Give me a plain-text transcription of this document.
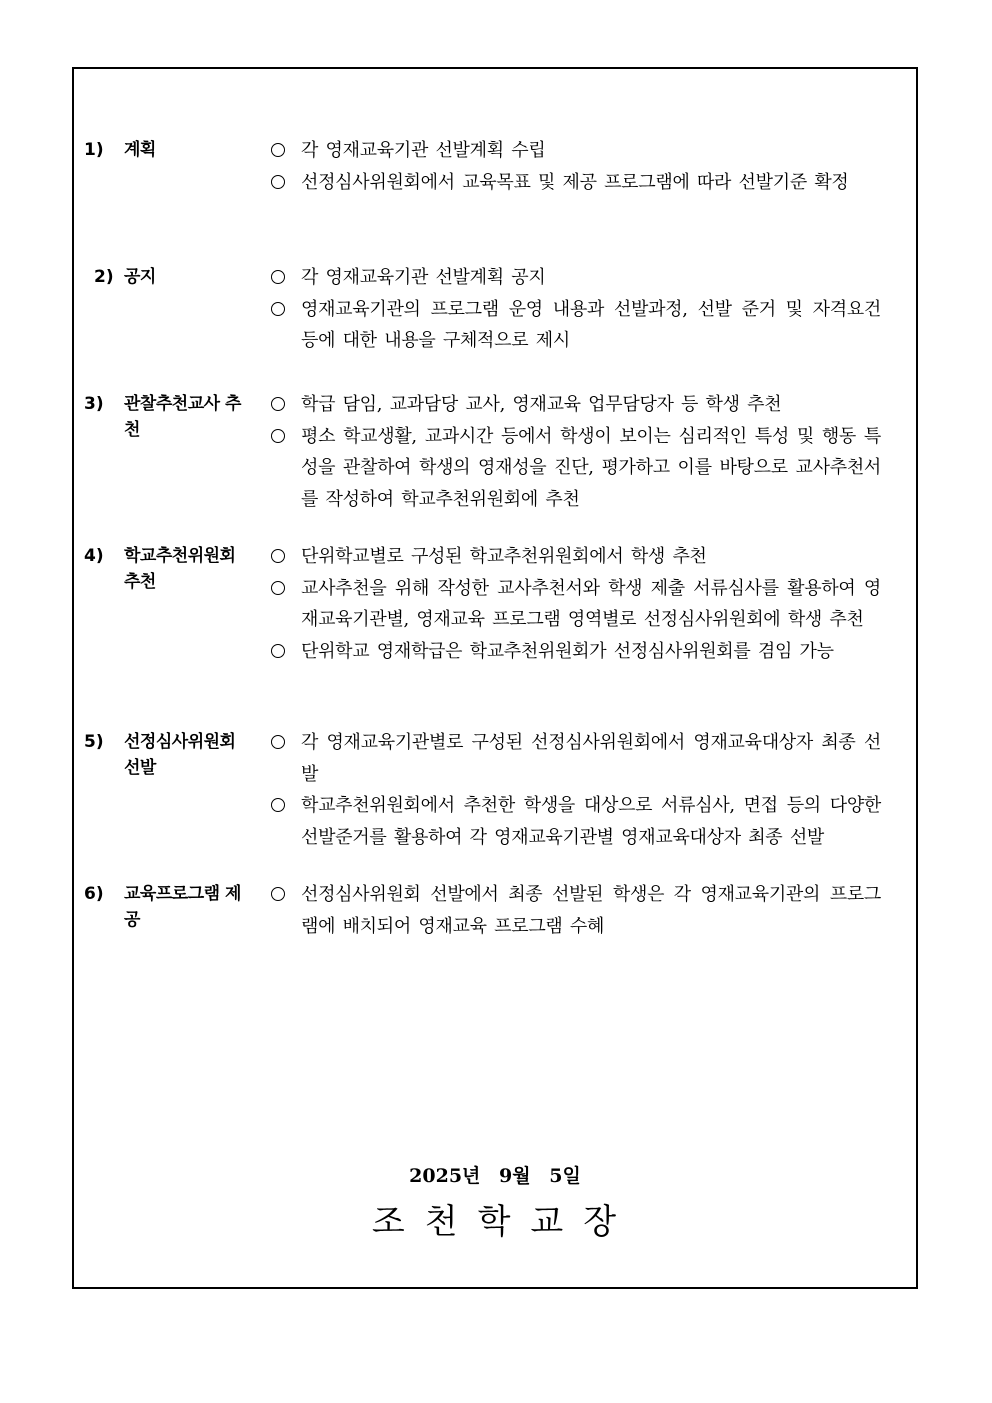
1) 계획	각 영재교육기관 선발계획 수립
선정심사위원회에서 교육목표 및 제공 프로그램에 따라 선발기준 확정
2) 공지	각 영재교육기관 선발계획 공지
영재교육기관의 프로그램 운영 내용과 선발과정, 선발 준거 및 자격요건 등에 대한 내용을 구체적으로 제시
3) 관찰추천교사 추천
학급 담임, 교과담당 교사, 영재교육 업무담당자 등 학생 추천
평소 학교생활, 교과시간 등에서 학생이 보이는 심리적인 특성 및 행동 특성을 관찰하여 학생의 영재성을 진단, 평가하고 이를 바탕으로 교사추천서를 작성하여 학교추천위원회에 추천
4) 학교추천위원회 추천
단위학교별로 구성된 학교추천위원회에서 학생 추천
교사추천을 위해 작성한 교사추천서와 학생 제출 서류심사를 활용하여 영재교육기관별, 영재교육 프로그램 영역별로 선정심사위원회에 학생 추천
단위학교 영재학급은 학교추천위원회가 선정심사위원회를 겸임 가능
5) 선정심사위원회 선발
각 영재교육기관별로 구성된 선정심사위원회에서 영재교육대상자 최종 선발
학교추천위원회에서 추천한 학생을 대상으로 서류심사, 면접 등의 다양한 선발준거를 활용하여 각 영재교육기관별 영재교육대상자 최종 선발
6) 교육프로그램 제공
선정심사위원회 선발에서 최종 선발된 학생은 각 영재교육기관의 프로그램에 배치되어 영재교육 프로그램 수혜
2025년 9월 5일
조천학교장
